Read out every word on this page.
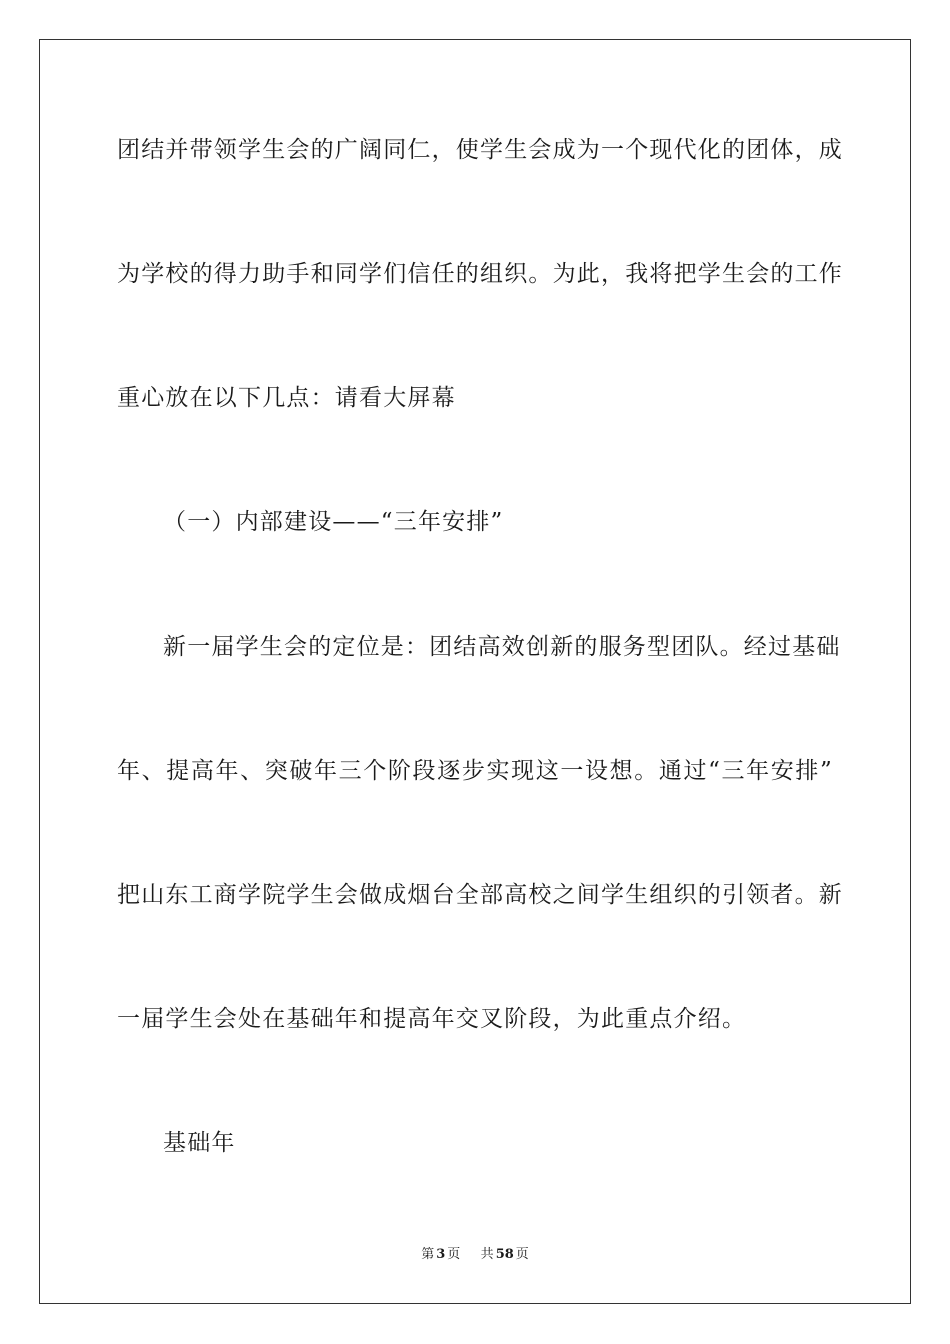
团结并带领学生会的广阔同仁，使学生会成为一个现代化的团体，成
为学校的得力助手和同学们信任的组织。为此，我将把学生会的工作
重心放在以下几点：请看大屏幕
（一）内部建设——“三年安排”
新一届学生会的定位是：团结高效创新的服务型团队。经过基础
年、提高年、突破年三个阶段逐步实现这一设想。通过“三年安排”
把山东工商学院学生会做成烟台全部高校之间学生组织的引领者。新
一届学生会处在基础年和提高年交叉阶段，为此重点介绍。
基础年
第 3 页 共 58 页
